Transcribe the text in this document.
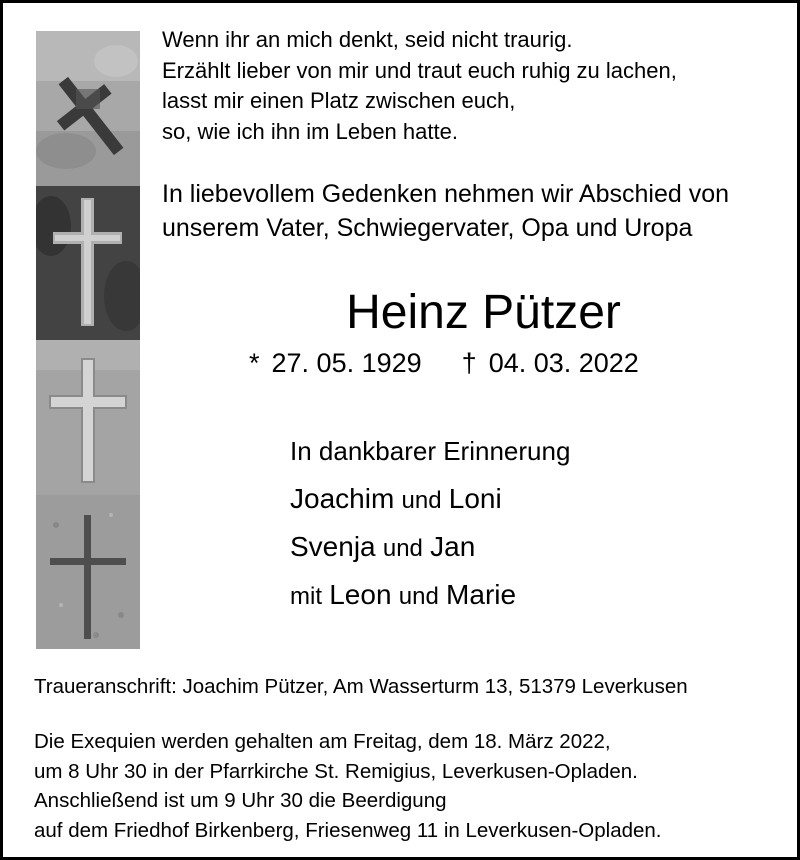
Wenn ihr an mich denkt, seid nicht traurig.
Erzählt lieber von mir und traut euch ruhig zu lachen,
lasst mir einen Platz zwischen euch,
so, wie ich ihn im Leben hatte.
In liebevollem Gedenken nehmen wir Abschied von
unserem Vater, Schwiegervater, Opa und Uropa
Heinz Pützer
* 27. 05. 1929 † 04. 03. 2022
In dankbarer Erinnerung
Joachim und Loni
Svenja und Jan
mit Leon und Marie
Traueranschrift: Joachim Pützer, Am Wasserturm 13, 51379 Leverkusen
Die Exequien werden gehalten am Freitag, dem 18. März 2022,
um 8 Uhr 30 in der Pfarrkirche St. Remigius, Leverkusen-Opladen.
Anschließend ist um 9 Uhr 30 die Beerdigung
auf dem Friedhof Birkenberg, Friesenweg 11 in Leverkusen-Opladen.
